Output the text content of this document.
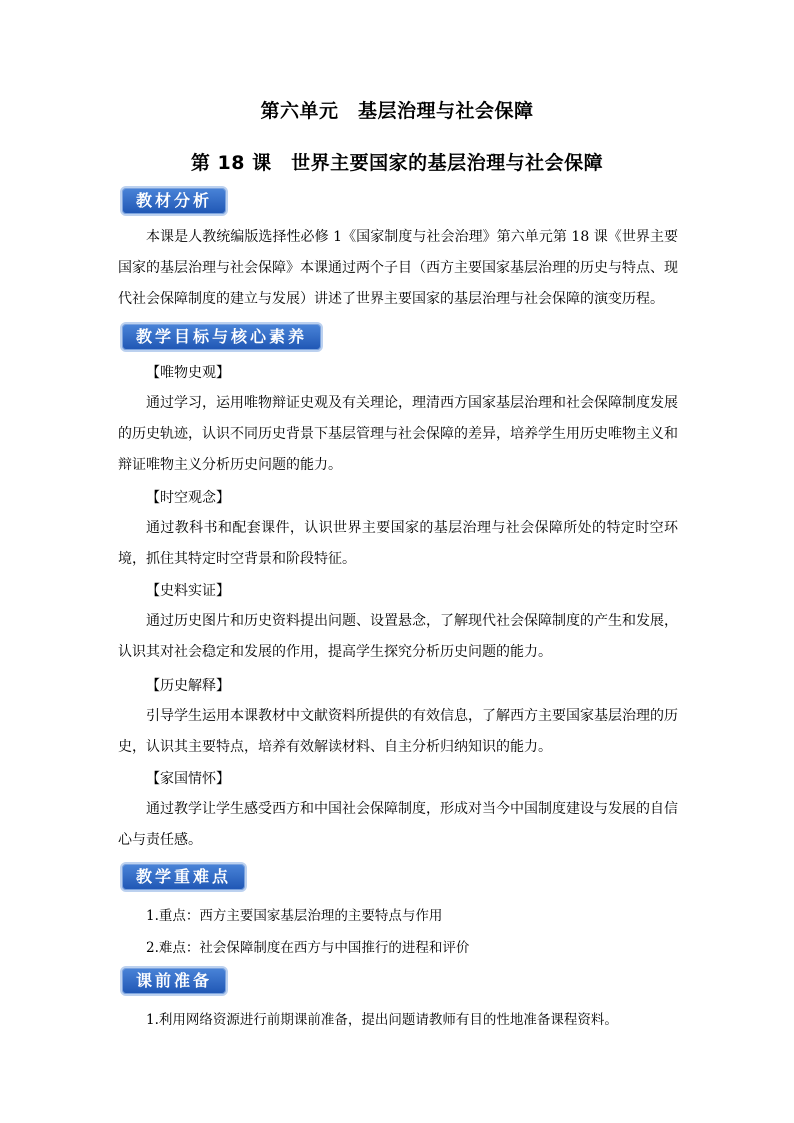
第六单元　基层治理与社会保障
第 18 课　世界主要国家的基层治理与社会保障
教材分析

本课是人教统编版选择性必修 1《国家制度与社会治理》第六单元第 18 课《世界主要国家的基层治理与社会保障》本课通过两个子目（西方主要国家基层治理的历史与特点、现代社会保障制度的建立与发展）讲述了世界主要国家的基层治理与社会保障的演变历程。

教学目标与核心素养

【唯物史观】

通过学习，运用唯物辩证史观及有关理论，理清西方国家基层治理和社会保障制度发展的历史轨迹，认识不同历史背景下基层管理与社会保障的差异，培养学生用历史唯物主义和辩证唯物主义分析历史问题的能力。

【时空观念】

通过教科书和配套课件，认识世界主要国家的基层治理与社会保障所处的特定时空环境，抓住其特定时空背景和阶段特征。

【史料实证】

通过历史图片和历史资料提出问题、设置悬念，了解现代社会保障制度的产生和发展，认识其对社会稳定和发展的作用，提高学生探究分析历史问题的能力。

【历史解释】

引导学生运用本课教材中文献资料所提供的有效信息，了解西方主要国家基层治理的历史，认识其主要特点，培养有效解读材料、自主分析归纳知识的能力。

【家国情怀】

通过教学让学生感受西方和中国社会保障制度，形成对当今中国制度建设与发展的自信心与责任感。

教学重难点

1.重点：西方主要国家基层治理的主要特点与作用

2.难点：社会保障制度在西方与中国推行的进程和评价

课前准备

1.利用网络资源进行前期课前准备，提出问题请教师有目的性地准备课程资料。
